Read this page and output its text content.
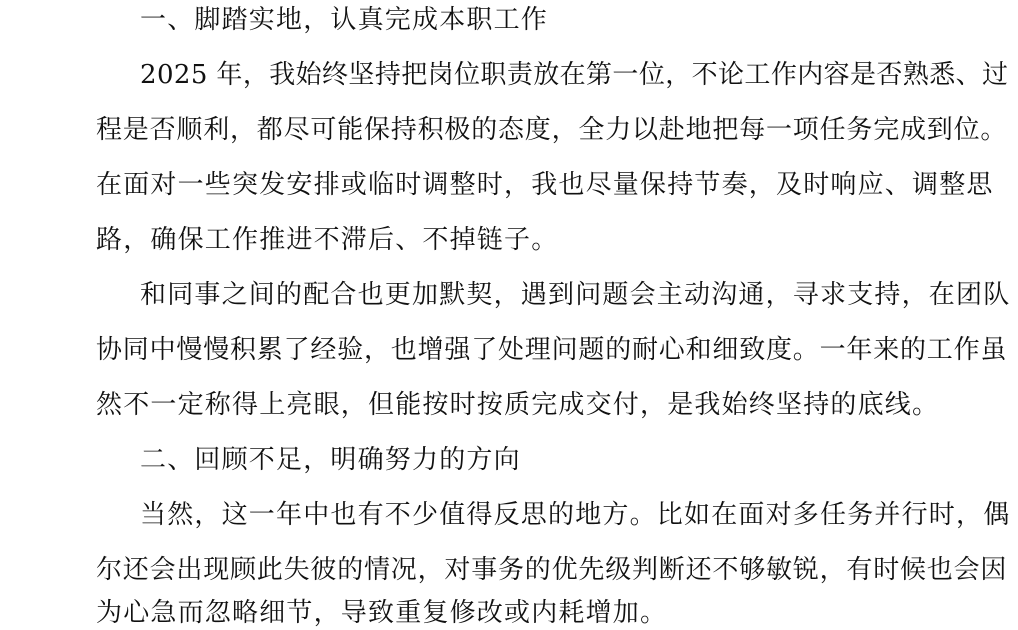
一、脚踏实地，认真完成本职工作
2025 年，我始终坚持把岗位职责放在第一位，不论工作内容是否熟悉、过
程是否顺利，都尽可能保持积极的态度，全力以赴地把每一项任务完成到位。
在面对一些突发安排或临时调整时，我也尽量保持节奏，及时响应、调整思
路，确保工作推进不滞后、不掉链子。
和同事之间的配合也更加默契，遇到问题会主动沟通，寻求支持，在团队
协同中慢慢积累了经验，也增强了处理问题的耐心和细致度。一年来的工作虽
然不一定称得上亮眼，但能按时按质完成交付，是我始终坚持的底线。
二、回顾不足，明确努力的方向
当然，这一年中也有不少值得反思的地方。比如在面对多任务并行时，偶
尔还会出现顾此失彼的情况，对事务的优先级判断还不够敏锐，有时候也会因
为心急而忽略细节，导致重复修改或内耗增加。
